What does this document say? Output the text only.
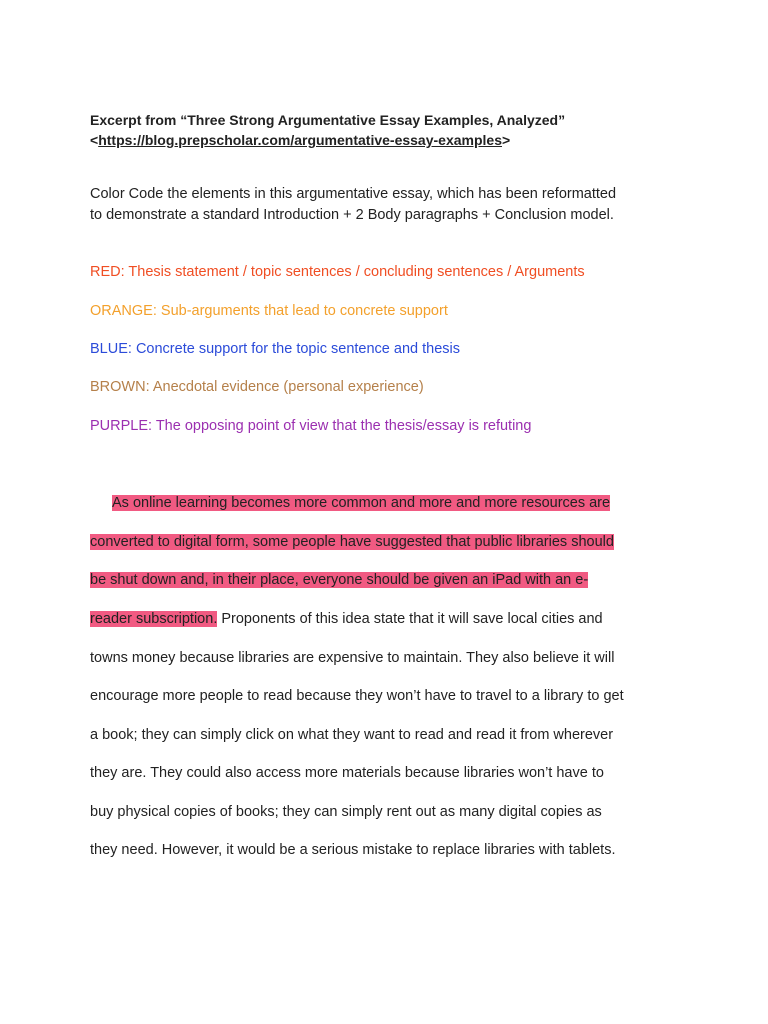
Excerpt from “Three Strong Argumentative Essay Examples, Analyzed”
<https://blog.prepscholar.com/argumentative-essay-examples>
Color Code the elements in this argumentative essay, which has been reformatted
to demonstrate a standard Introduction + 2 Body paragraphs + Conclusion model.
RED: Thesis statement / topic sentences / concluding sentences / Arguments
ORANGE: Sub-arguments that lead to concrete support
BLUE: Concrete support for the topic sentence and thesis
BROWN: Anecdotal evidence (personal experience)
PURPLE: The opposing point of view that the thesis/essay is refuting
As online learning becomes more common and more and more resources are
converted to digital form, some people have suggested that public libraries should
be shut down and, in their place, everyone should be given an iPad with an e-
reader subscription. Proponents of this idea state that it will save local cities and
towns money because libraries are expensive to maintain. They also believe it will
encourage more people to read because they won’t have to travel to a library to get
a book; they can simply click on what they want to read and read it from wherever
they are. They could also access more materials because libraries won’t have to
buy physical copies of books; they can simply rent out as many digital copies as
they need. However, it would be a serious mistake to replace libraries with tablets.
